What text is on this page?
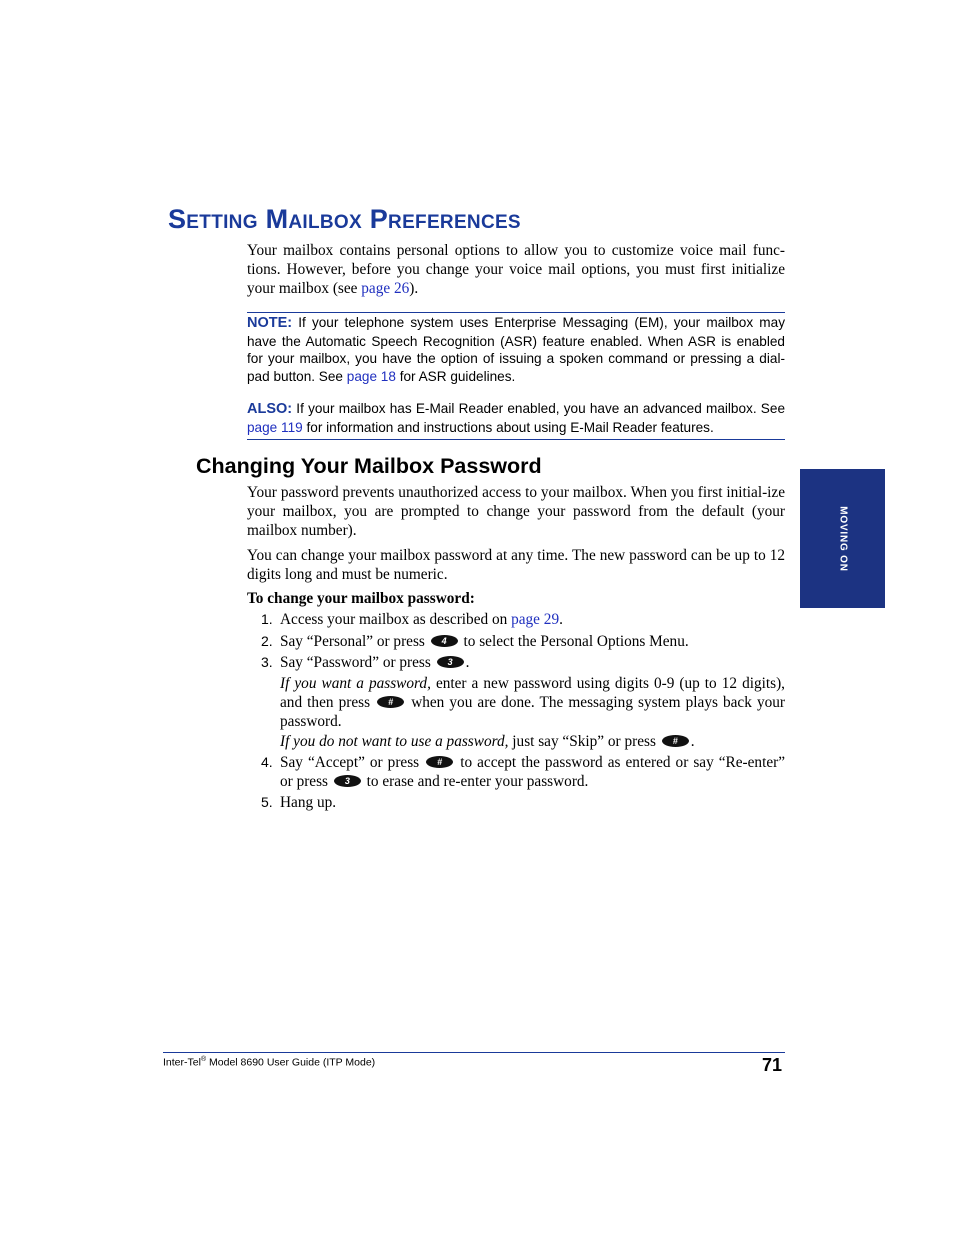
Setting Mailbox Preferences

Your mailbox contains personal options to allow you to customize voice mail func-tions. However, before you change your voice mail options, you must first initialize your mailbox (see page 26).

NOTE: If your telephone system uses Enterprise Messaging (EM), your mailbox may have the Automatic Speech Recognition (ASR) feature enabled. When ASR is enabled for your mailbox, you have the option of issuing a spoken command or pressing a dial-pad button. See page 18 for ASR guidelines.

ALSO: If your mailbox has E-Mail Reader enabled, you have an advanced mailbox. See page 119 for information and instructions about using E-Mail Reader features.

Changing Your Mailbox Password

Your password prevents unauthorized access to your mailbox. When you first initial-ize your mailbox, you are prompted to change your password from the default (your mailbox number).

You can change your mailbox password at any time. The new password can be up to 12 digits long and must be numeric.

To change your mailbox password:

1. Access your mailbox as described on page 29.
2. Say “Personal” or press 4 to select the Personal Options Menu.
3. Say “Password” or press 3 .

If you want a password, enter a new password using digits 0-9 (up to 12 digits), and then press # when you are done. The messaging system plays back your password.

If you do not want to use a password, just say “Skip” or press # .

4. Say “Accept” or press # to accept the password as entered or say “Re-enter” or press 3 to erase and re-enter your password.
5. Hang up.
MOVING ON

Inter-Tel® Model 8690 User Guide (ITP Mode)	71
